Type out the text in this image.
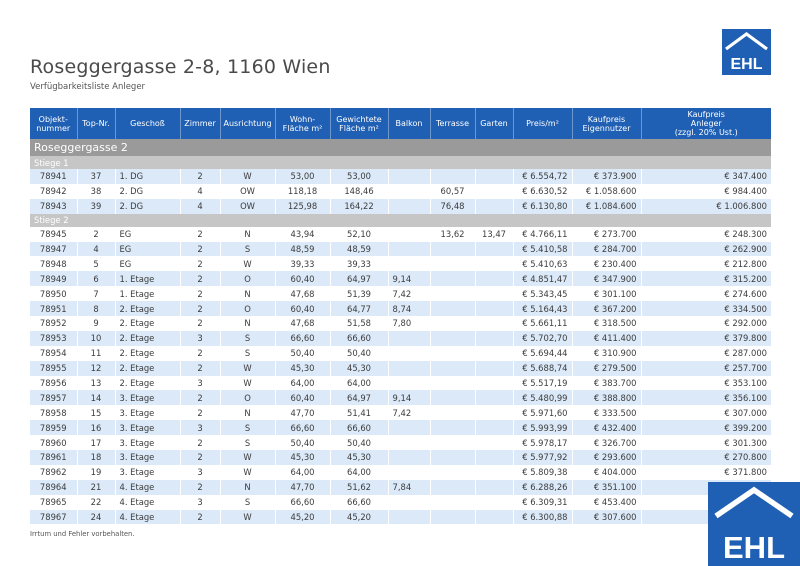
Roseggergasse 2-8, 1160 Wien
Verfügbarkeitsliste Anleger
EHL
Objekt-
nummer	Top-Nr.	Geschoß	Zimmer	Ausrichtung	Wohn-
Fläche m²	Gewichtete
Fläche m²	Balkon	Terrasse	Garten	Preis/m²	Kaufpreis
Eigennutzer	Kaufpreis
Anleger
(zzgl. 20% Ust.)
Roseggergasse 2												
Stiege 1												
78941	37	1. DG	2	W	53,00	53,00				€ 6.554,72	€ 373.900	€ 347.400
78942	38	2. DG	4	OW	118,18	148,46		60,57		€ 6.630,52	€ 1.058.600	€ 984.400
78943	39	2. DG	4	OW	125,98	164,22		76,48		€ 6.130,80	€ 1.084.600	€ 1.006.800
Stiege 2												
78945	2	EG	2	N	43,94	52,10		13,62	13,47	€ 4.766,11	€ 273.700	€ 248.300
78947	4	EG	2	S	48,59	48,59				€ 5.410,58	€ 284.700	€ 262.900
78948	5	EG	2	W	39,33	39,33				€ 5.410,63	€ 230.400	€ 212.800
78949	6	1. Etage	2	O	60,40	64,97	9,14			€ 4.851,47	€ 347.900	€ 315.200
78950	7	1. Etage	2	N	47,68	51,39	7,42			€ 5.343,45	€ 301.100	€ 274.600
78951	8	2. Etage	2	O	60,40	64,77	8,74			€ 5.164,43	€ 367.200	€ 334.500
78952	9	2. Etage	2	N	47,68	51,58	7,80			€ 5.661,11	€ 318.500	€ 292.000
78953	10	2. Etage	3	S	66,60	66,60				€ 5.702,70	€ 411.400	€ 379.800
78954	11	2. Etage	2	S	50,40	50,40				€ 5.694,44	€ 310.900	€ 287.000
78955	12	2. Etage	2	W	45,30	45,30				€ 5.688,74	€ 279.500	€ 257.700
78956	13	2. Etage	3	W	64,00	64,00				€ 5.517,19	€ 383.700	€ 353.100
78957	14	3. Etage	2	O	60,40	64,97	9,14			€ 5.480,99	€ 388.800	€ 356.100
78958	15	3. Etage	2	N	47,70	51,41	7,42			€ 5.971,60	€ 333.500	€ 307.000
78959	16	3. Etage	3	S	66,60	66,60				€ 5.993,99	€ 432.400	€ 399.200
78960	17	3. Etage	2	S	50,40	50,40				€ 5.978,17	€ 326.700	€ 301.300
78961	18	3. Etage	2	W	45,30	45,30				€ 5.977,92	€ 293.600	€ 270.800
78962	19	3. Etage	3	W	64,00	64,00				€ 5.809,38	€ 404.000	€ 371.800
78964	21	4. Etage	2	N	47,70	51,62	7,84			€ 6.288,26	€ 351.100	
78965	22	4. Etage	3	S	66,60	66,60				€ 6.309,31	€ 453.400	
78967	24	4. Etage	2	W	45,20	45,20				€ 6.300,88	€ 307.600	
Irrtum und Fehler vorbehalten.	EHL
